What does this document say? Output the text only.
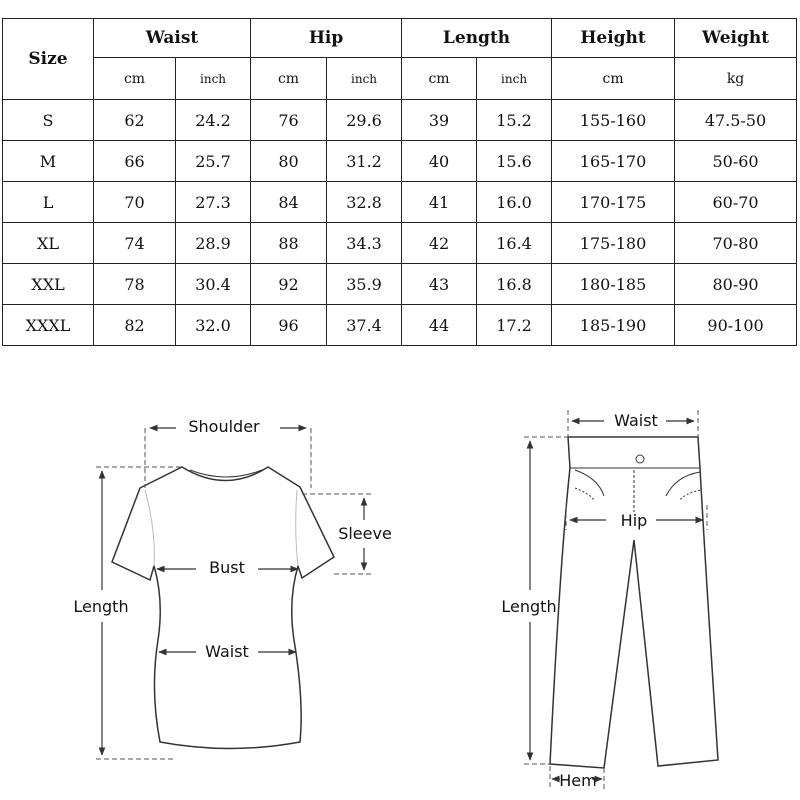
Size	Waist		Hip		Length		Height	Weight
	cm	inch	cm	inch	cm	inch	cm	kg
S	62	24.2	76	29.6	39	15.2	155-160	47.5-50
M	66	25.7	80	31.2	40	15.6	165-170	50-60
L	70	27.3	84	32.8	41	16.0	170-175	60-70
XL	74	28.9	88	34.3	42	16.4	175-180	70-80
XXL	78	30.4	92	35.9	43	16.8	180-185	80-90
XXXL	82	32.0	96	37.4	44	17.2	185-190	90-100
Shoulder
Sleeve
Bust
Length
Waist
Waist
Hip
Length
Hem
